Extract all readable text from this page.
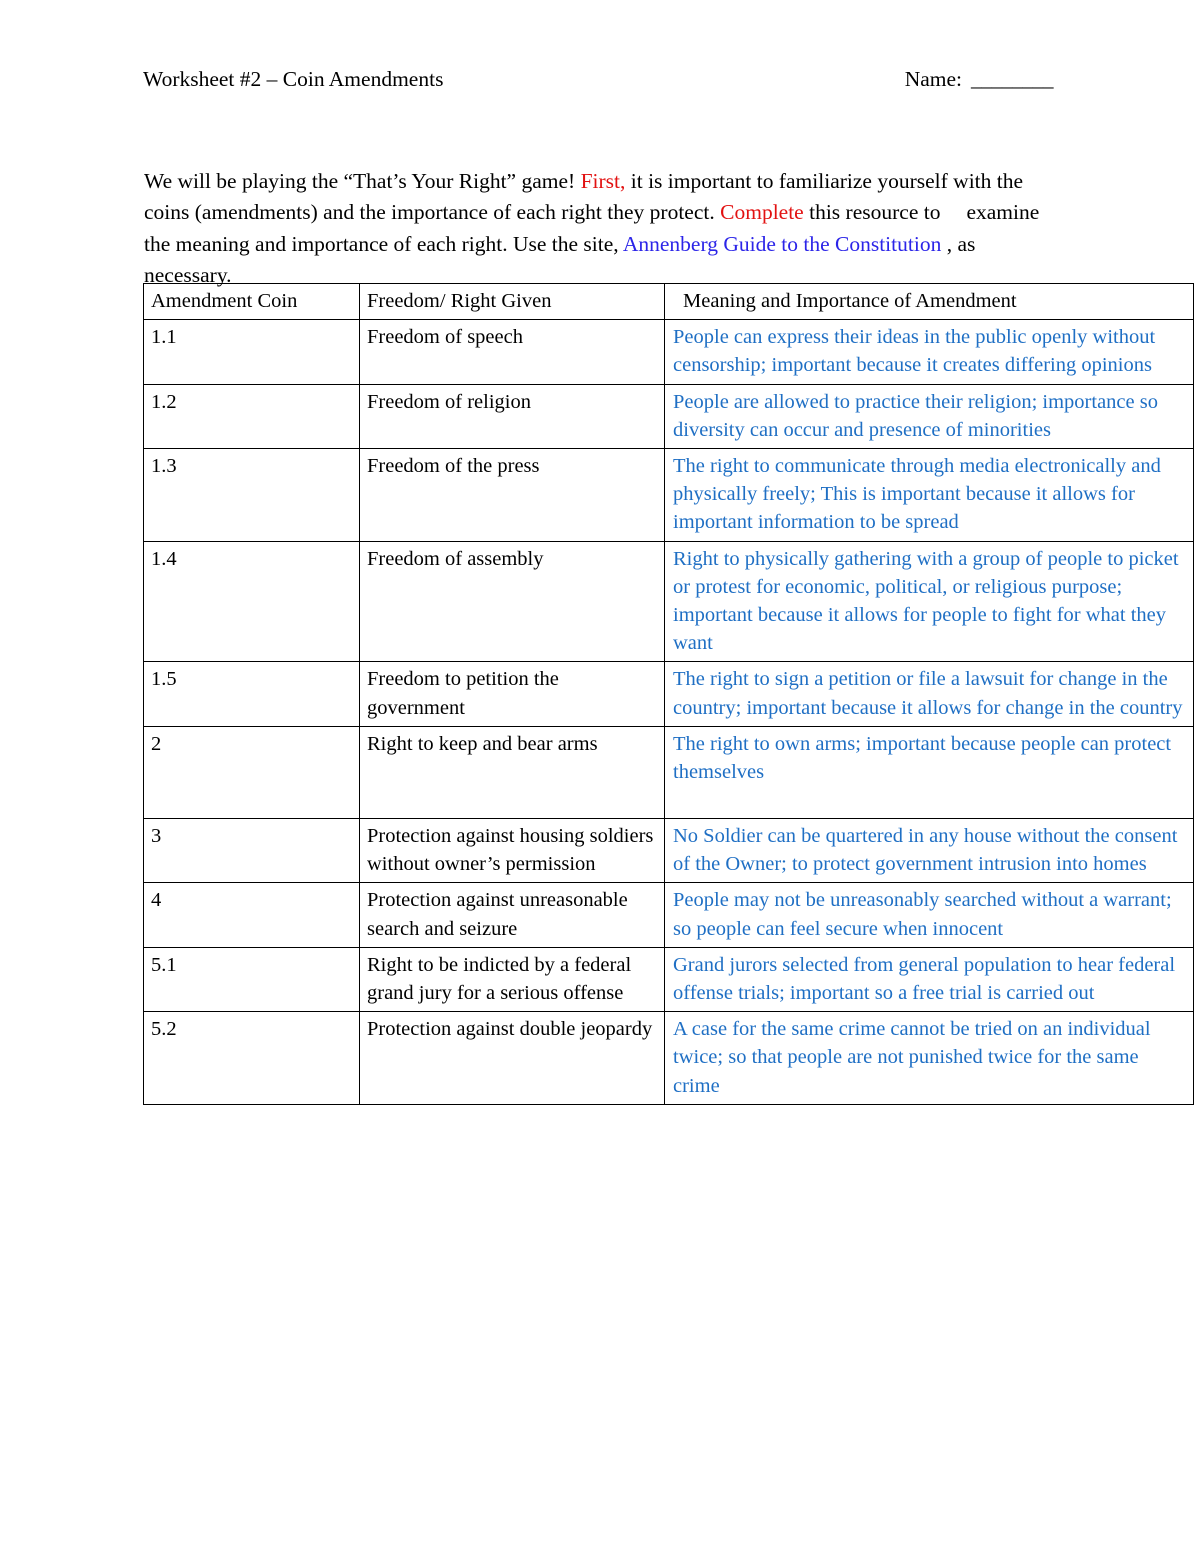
Worksheet #2 – Coin Amendments	Name: ________

We will be playing the “That’s Your Right” game! First, it is important to familiarize yourself with the coins (amendments) and the importance of each right they protect. Complete this resource to examine the meaning and importance of each right. Use the site, Annenberg Guide to the Constitution , as necessary.

Amendment Coin	Freedom/ Right Given	Meaning and Importance of Amendment
1.1	Freedom of speech	People can express their ideas in the public openly without censorship; important because it creates differing opinions
1.2	Freedom of religion	People are allowed to practice their religion; importance so diversity can occur and presence of minorities
1.3	Freedom of the press	The right to communicate through media electronically and physically freely; This is important because it allows for important information to be spread
1.4	Freedom of assembly	Right to physically gathering with a group of people to picket or protest for economic, political, or religious purpose; important because it allows for people to fight for what they want
1.5	Freedom to petition the government	The right to sign a petition or file a lawsuit for change in the country; important because it allows for change in the country
2	Right to keep and bear arms	The right to own arms; important because people can protect themselves
3	Protection against housing soldiers without owner’s permission	No Soldier can be quartered in any house without the consent of the Owner; to protect government intrusion into homes
4	Protection against unreasonable search and seizure	People may not be unreasonably searched without a warrant; so people can feel secure when innocent
5.1	Right to be indicted by a federal grand jury for a serious offense	Grand jurors selected from general population to hear federal offense trials; important so a free trial is carried out
5.2	Protection against double jeopardy	A case for the same crime cannot be tried on an individual twice; so that people are not punished twice for the same crime
